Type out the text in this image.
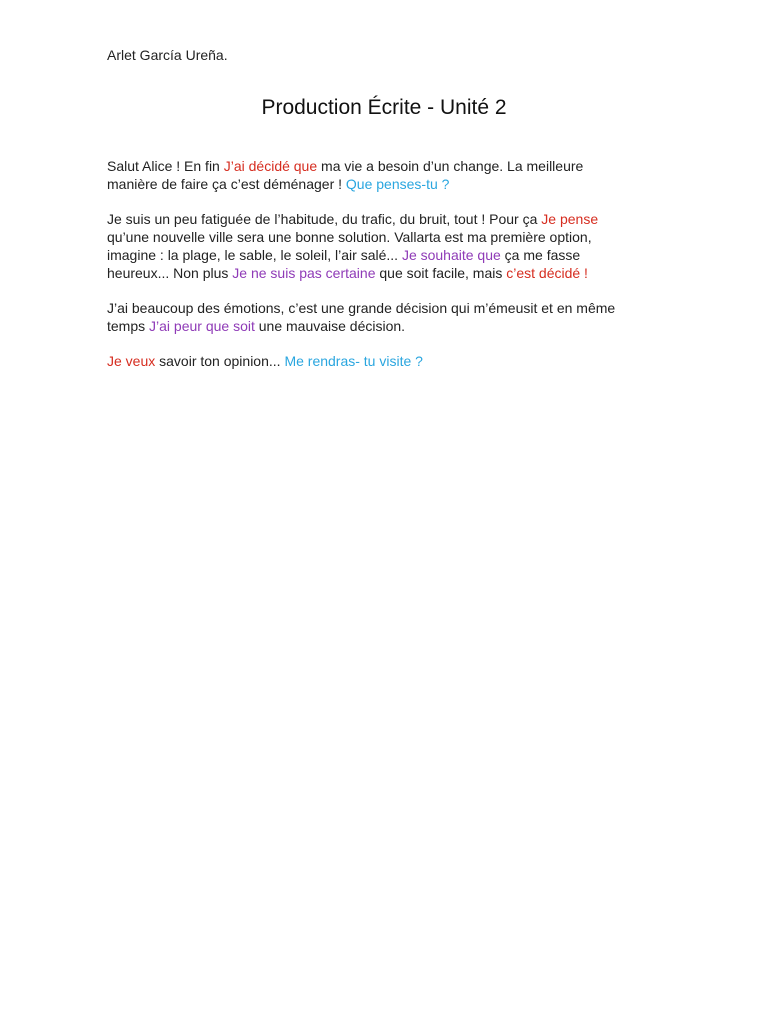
Arlet García Ureña.
Production Écrite - Unité 2

Salut Alice ! En fin J’ai décidé que ma vie a besoin d’un change. La meilleure
manière de faire ça c’est déménager ! Que penses-tu ?

Je suis un peu fatiguée de l’habitude, du trafic, du bruit, tout ! Pour ça Je pense
qu’une nouvelle ville sera une bonne solution. Vallarta est ma première option,
imagine : la plage, le sable, le soleil, l’air salé... Je souhaite que ça me fasse
heureux... Non plus Je ne suis pas certaine que soit facile, mais c’est décidé !

J’ai beaucoup des émotions, c’est une grande décision qui m’émeusit et en même
temps J’ai peur que soit une mauvaise décision.

Je veux savoir ton opinion... Me rendras- tu visite ?
